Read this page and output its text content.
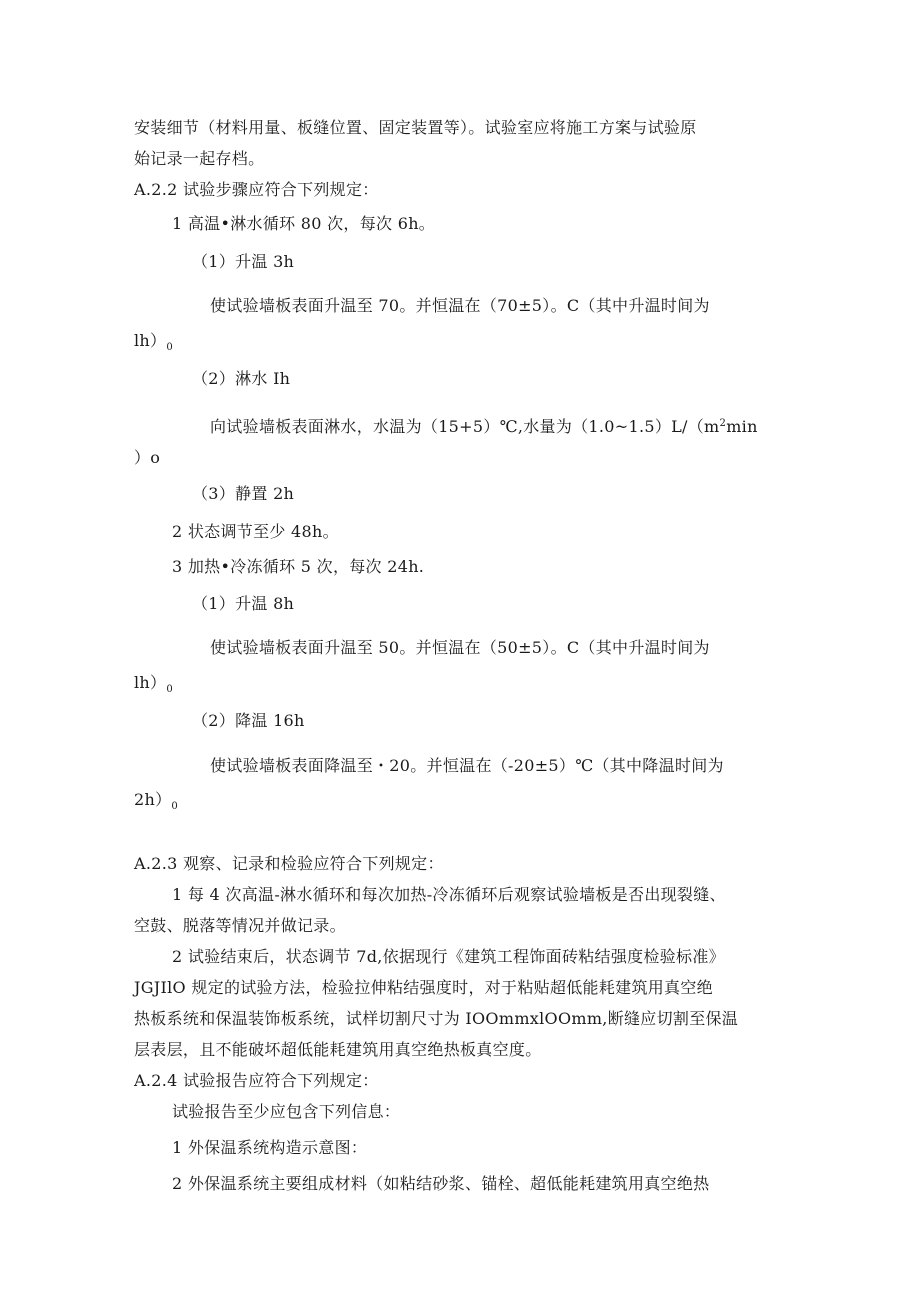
安装细节（材料用量、板缝位置、固定装置等）。试验室应将施工方案与试验原
始记录一起存档。
A.2.2 试验步骤应符合下列规定：
1 高温•淋水循环 80 次，每次 6h。
（1）升温 3h
使试验墙板表面升温至 70。并恒温在（70±5）。C（其中升温时间为
$lh)_0$
（2）淋水 Ih
向试验墙板表面淋水，水温为（15+5）℃,水量为$(1.0\sim 1.5)L∕(m^2\min$
）o
（3）静置 2h
2 状态调节至少 48h。
3 加热•冷冻循环 5 次，每次 24h.
（1）升温 8h
使试验墙板表面升温至 50。并恒温在（50±5）。C（其中升温时间为
$lh)_0$
（2）降温 16h
使试验墙板表面降温至・20。并恒温在（-20±5）℃（其中降温时间为
$2h)_0$
A.2.3 观察、记录和检验应符合下列规定：
1 每 4 次高温-淋水循环和每次加热-冷冻循环后观察试验墙板是否出现裂缝、
空鼓、脱落等情况并做记录。
2 试验结束后，状态调节 7d,依据现行《建筑工程饰面砖粘结强度检验标准》
JGJIlO 规定的试验方法，检验拉伸粘结强度时，对于粘贴超低能耗建筑用真空绝
热板系统和保温装饰板系统，试样切割尺寸为 IOOmmxlOOmm,断缝应切割至保温
层表层，且不能破坏超低能耗建筑用真空绝热板真空度。
A.2.4 试验报告应符合下列规定：
试验报告至少应包含下列信息：
1 外保温系统构造示意图：
2 外保温系统主要组成材料（如粘结砂浆、锚栓、超低能耗建筑用真空绝热
